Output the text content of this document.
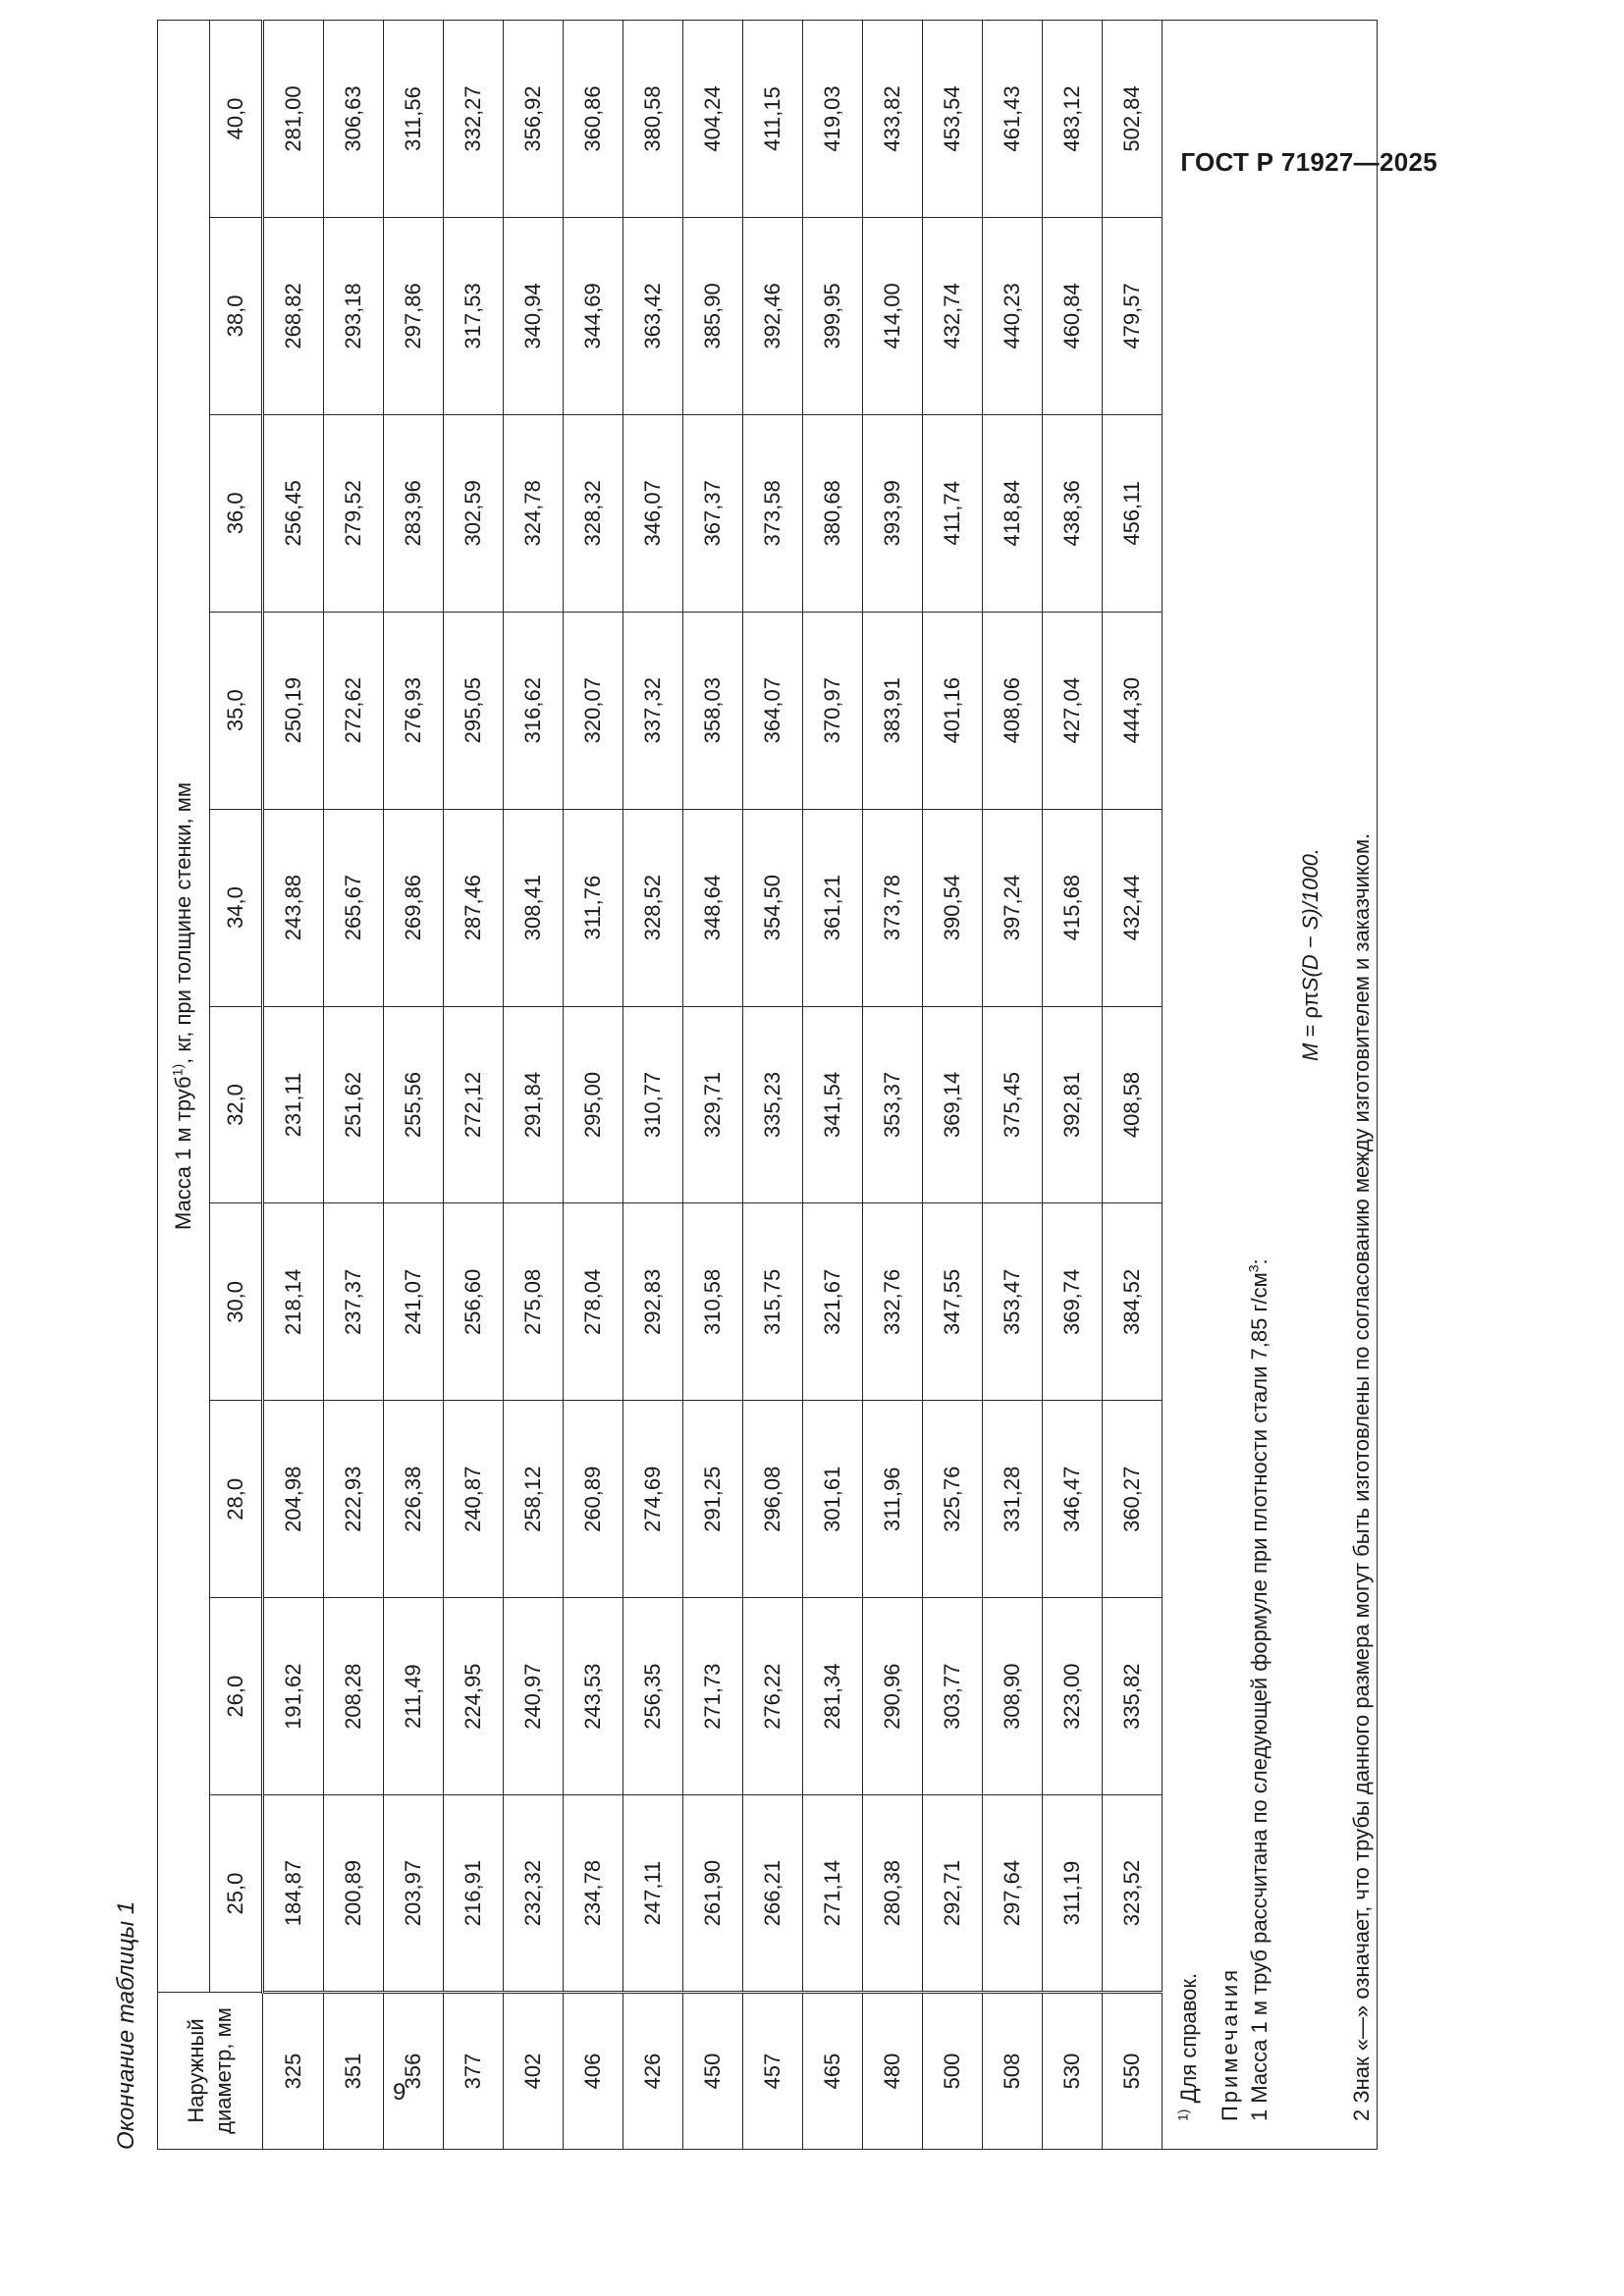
ГОСТ Р 71927—2025
Окончание таблицы 1 Наружный диаметр, мм	Масса 1 м труб$^{1)}$, кг, при толщине стенки, мм									
	25,0	26,0	28,0	30,0	32,0	34,0	35,0	36,0	38,0	40,0
325	184,87	191,62	204,98	218,14	231,11	243,88	250,19	256,45	268,82	281,00
351	200,89	208,28	222,93	237,37	251,62	265,67	272,62	279,52	293,18	306,63
356	203,97	211,49	226,38	241,07	255,56	269,86	276,93	283,96	297,86	311,56
377	216,91	224,95	240,87	256,60	272,12	287,46	295,05	302,59	317,53	332,27
402	232,32	240,97	258,12	275,08	291,84	308,41	316,62	324,78	340,94	356,92
406	234,78	243,53	260,89	278,04	295,00	311,76	320,07	328,32	344,69	360,86
426	247,11	256,35	274,69	292,83	310,77	328,52	337,32	346,07	363,42	380,58
450	261,90	271,73	291,25	310,58	329,71	348,64	358,03	367,37	385,90	404,24
457	266,21	276,22	296,08	315,75	335,23	354,50	364,07	373,58	392,46	411,15
465	271,14	281,34	301,61	321,67	341,54	361,21	370,97	380,68	399,95	419,03
480	280,38	290,96	311,96	332,76	353,37	373,78	383,91	393,99	414,00	433,82
500	292,71	303,77	325,76	347,55	369,14	390,54	401,16	411,74	432,74	453,54
508	297,64	308,90	331,28	353,47	375,45	397,24	408,06	418,84	440,23	461,43
530	311,19	323,00	346,47	369,74	392,81	415,68	427,04	438,36	460,84	483,12
550	323,52	335,82	360,27	384,52	408,58	432,44	444,30	456,11	479,57	502,84

$^{1)}$ Для справок. Примечания 1 Масса 1 м труб рассчитана по следующей формуле при плотности стали 7,85 $г/см^3$:
M = ρπS(D − S)/1000. 2 Знак «—» означает, что трубы данного размера могут быть изготовлены по согласованию между изготовителем и заказчиком.										
9
